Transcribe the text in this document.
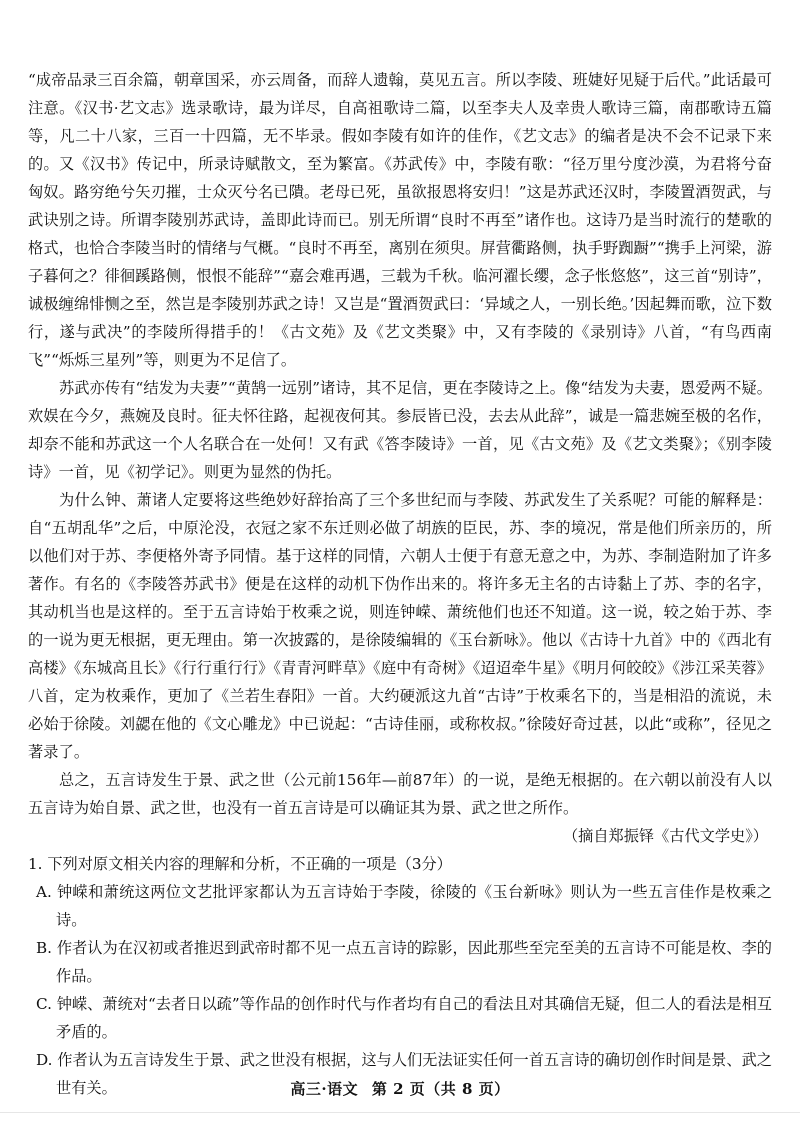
“成帝品录三百余篇，朝章国采，亦云周备，而辞人遗翰，莫见五言。所以李陵、班婕好见疑于后代。”此话最可注意。《汉书·艺文志》选录歌诗，最为详尽，自高祖歌诗二篇，以至李夫人及幸贵人歌诗三篇，南郡歌诗五篇等，凡二十八家，三百一十四篇，无不毕录。假如李陵有如许的佳作，《艺文志》的编者是决不会不记录下来的。又《汉书》传记中，所录诗赋散文，至为繁富。《苏武传》中，李陵有歌：“径万里兮度沙漠，为君将兮奋匈奴。路穷绝兮矢刃摧，士众灭兮名已隤。老母已死，虽欲报恩将安归！”这是苏武还汉时，李陵置酒贺武，与武诀别之诗。所谓李陵别苏武诗，盖即此诗而已。别无所谓“良时不再至”诸作也。这诗乃是当时流行的楚歌的格式，也恰合李陵当时的情绪与气概。“良时不再至，离别在须臾。屏营衢路侧，执手野踟蹰”“携手上河梁，游子暮何之？徘徊蹊路侧，恨恨不能辞”“嘉会难再遇，三载为千秋。临河濯长缨，念子怅悠悠”，这三首“别诗”，诚极缠绵悱恻之至，然岂是李陵别苏武之诗！又岂是“置酒贺武曰：‘异域之人，一别长绝。’因起舞而歌，泣下数行，遂与武决”的李陵所得措手的！《古文苑》及《艺文类聚》中，又有李陵的《录别诗》八首，“有鸟西南飞”“烁烁三星列”等，则更为不足信了。

苏武亦传有“结发为夫妻”“黄鹄一远别”诸诗，其不足信，更在李陵诗之上。像“结发为夫妻，恩爱两不疑。欢娱在今夕，燕婉及良时。征夫怀往路，起视夜何其。参辰皆已没，去去从此辞”，诚是一篇悲婉至极的名作，却奈不能和苏武这一个人名联合在一处何！又有武《答李陵诗》一首，见《古文苑》及《艺文类聚》；《别李陵诗》一首，见《初学记》。则更为显然的伪托。

为什么钟、萧诸人定要将这些绝妙好辞抬高了三个多世纪而与李陵、苏武发生了关系呢？可能的解释是：自“五胡乱华”之后，中原沦没，衣冠之家不东迁则必做了胡族的臣民，苏、李的境况，常是他们所亲历的，所以他们对于苏、李便格外寄予同情。基于这样的同情，六朝人士便于有意无意之中，为苏、李制造附加了许多著作。有名的《李陵答苏武书》便是在这样的动机下伪作出来的。将许多无主名的古诗黏上了苏、李的名字，其动机当也是这样的。至于五言诗始于枚乘之说，则连钟嵘、萧统他们也还不知道。这一说，较之始于苏、李的一说为更无根据，更无理由。第一次披露的，是徐陵编辑的《玉台新咏》。他以《古诗十九首》中的《西北有高楼》《东城高且长》《行行重行行》《青青河畔草》《庭中有奇树》《迢迢牵牛星》《明月何皎皎》《涉江采芙蓉》八首，定为枚乘作，更加了《兰若生春阳》一首。大约硬派这九首“古诗”于枚乘名下的，当是相沿的流说，未必始于徐陵。刘勰在他的《文心雕龙》中已说起：“古诗佳丽，或称枚叔。”徐陵好奇过甚，以此“或称”，径见之著录了。

总之，五言诗发生于景、武之世（公元前156年—前87年）的一说，是绝无根据的。在六朝以前没有人以五言诗为始自景、武之世，也没有一首五言诗是可以确证其为景、武之世之所作。

（摘自郑振铎《古代文学史》）

1. 下列对原文相关内容的理解和分析，不正确的一项是（3分）

A. 钟嵘和萧统这两位文艺批评家都认为五言诗始于李陵，徐陵的《玉台新咏》则认为一些五言佳作是枚乘之诗。

B. 作者认为在汉初或者推迟到武帝时都不见一点五言诗的踪影，因此那些至完至美的五言诗不可能是枚、李的作品。

C. 钟嵘、萧统对“去者日以疏”等作品的创作时代与作者均有自己的看法且对其确信无疑，但二人的看法是相互矛盾的。

D. 作者认为五言诗发生于景、武之世没有根据，这与人们无法证实任何一首五言诗的确切创作时间是景、武之世有关。	高三·语文 第 2 页（共 8 页）
